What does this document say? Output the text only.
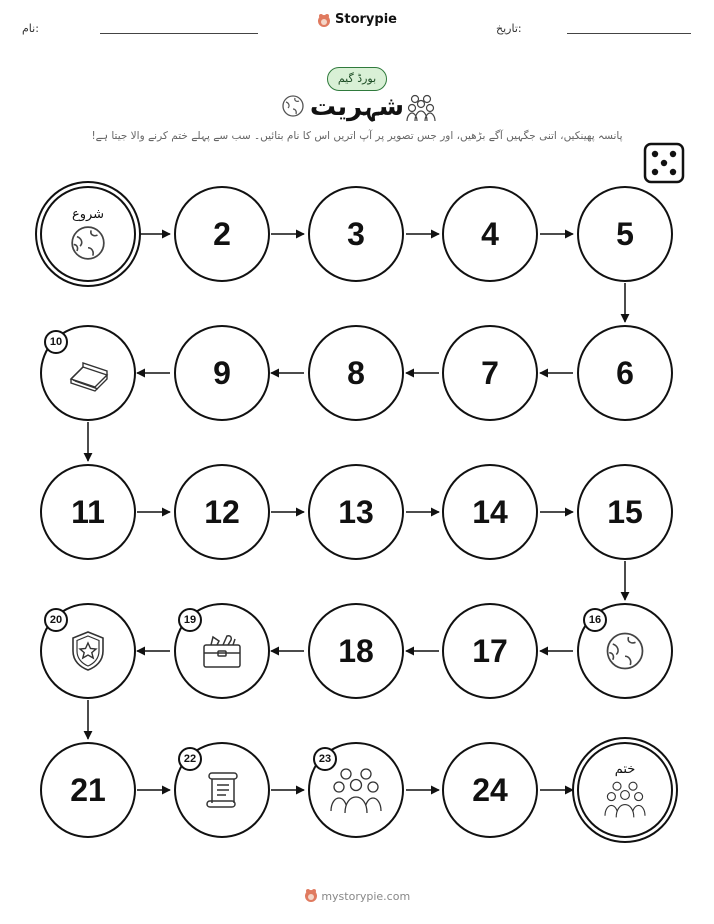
نام:
Storypie
تاریخ:
بورڈ گیم
شہریت
پانسہ پھینکیں، اتنی جگہیں آگے بڑھیں، اور جس تصویر پر آپ اتریں اس کا نام بتائیں۔ سب سے پہلے ختم کرنے والا جیتا ہے!
شروع
2	3	4	5
10
9	8	7	6
11	12	13	14	15
20	19
18	17
16
21
22	23
24
ختم
mystorypie.com
